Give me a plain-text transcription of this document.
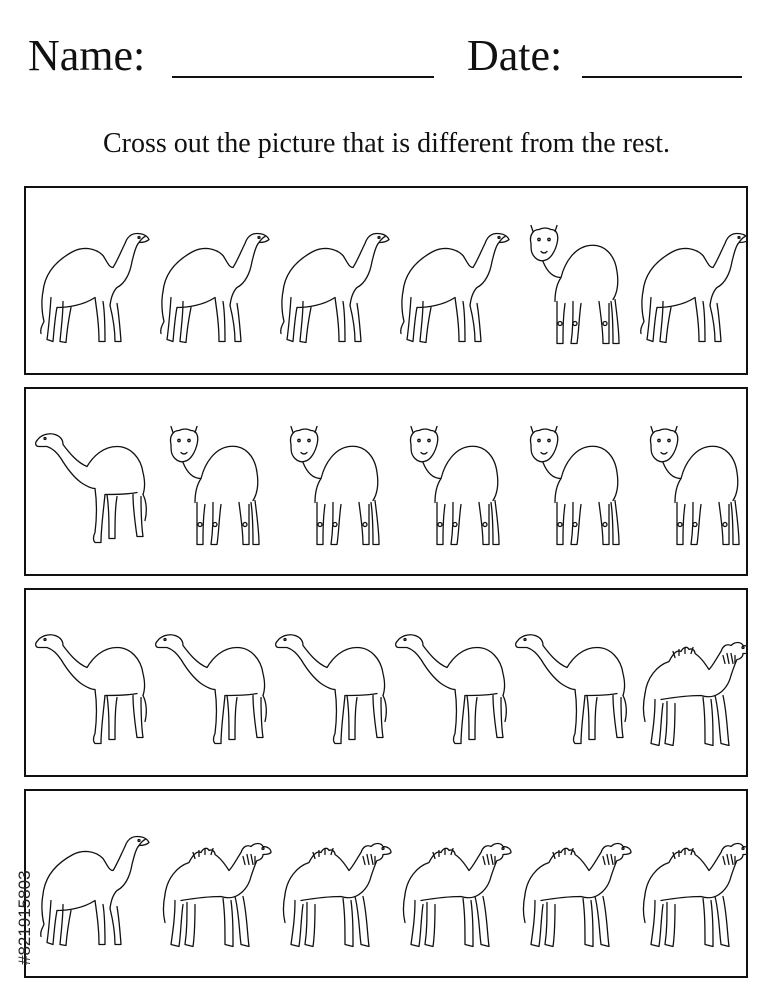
Name:	Date:
Cross out the picture that is different from the rest.
#821915803
